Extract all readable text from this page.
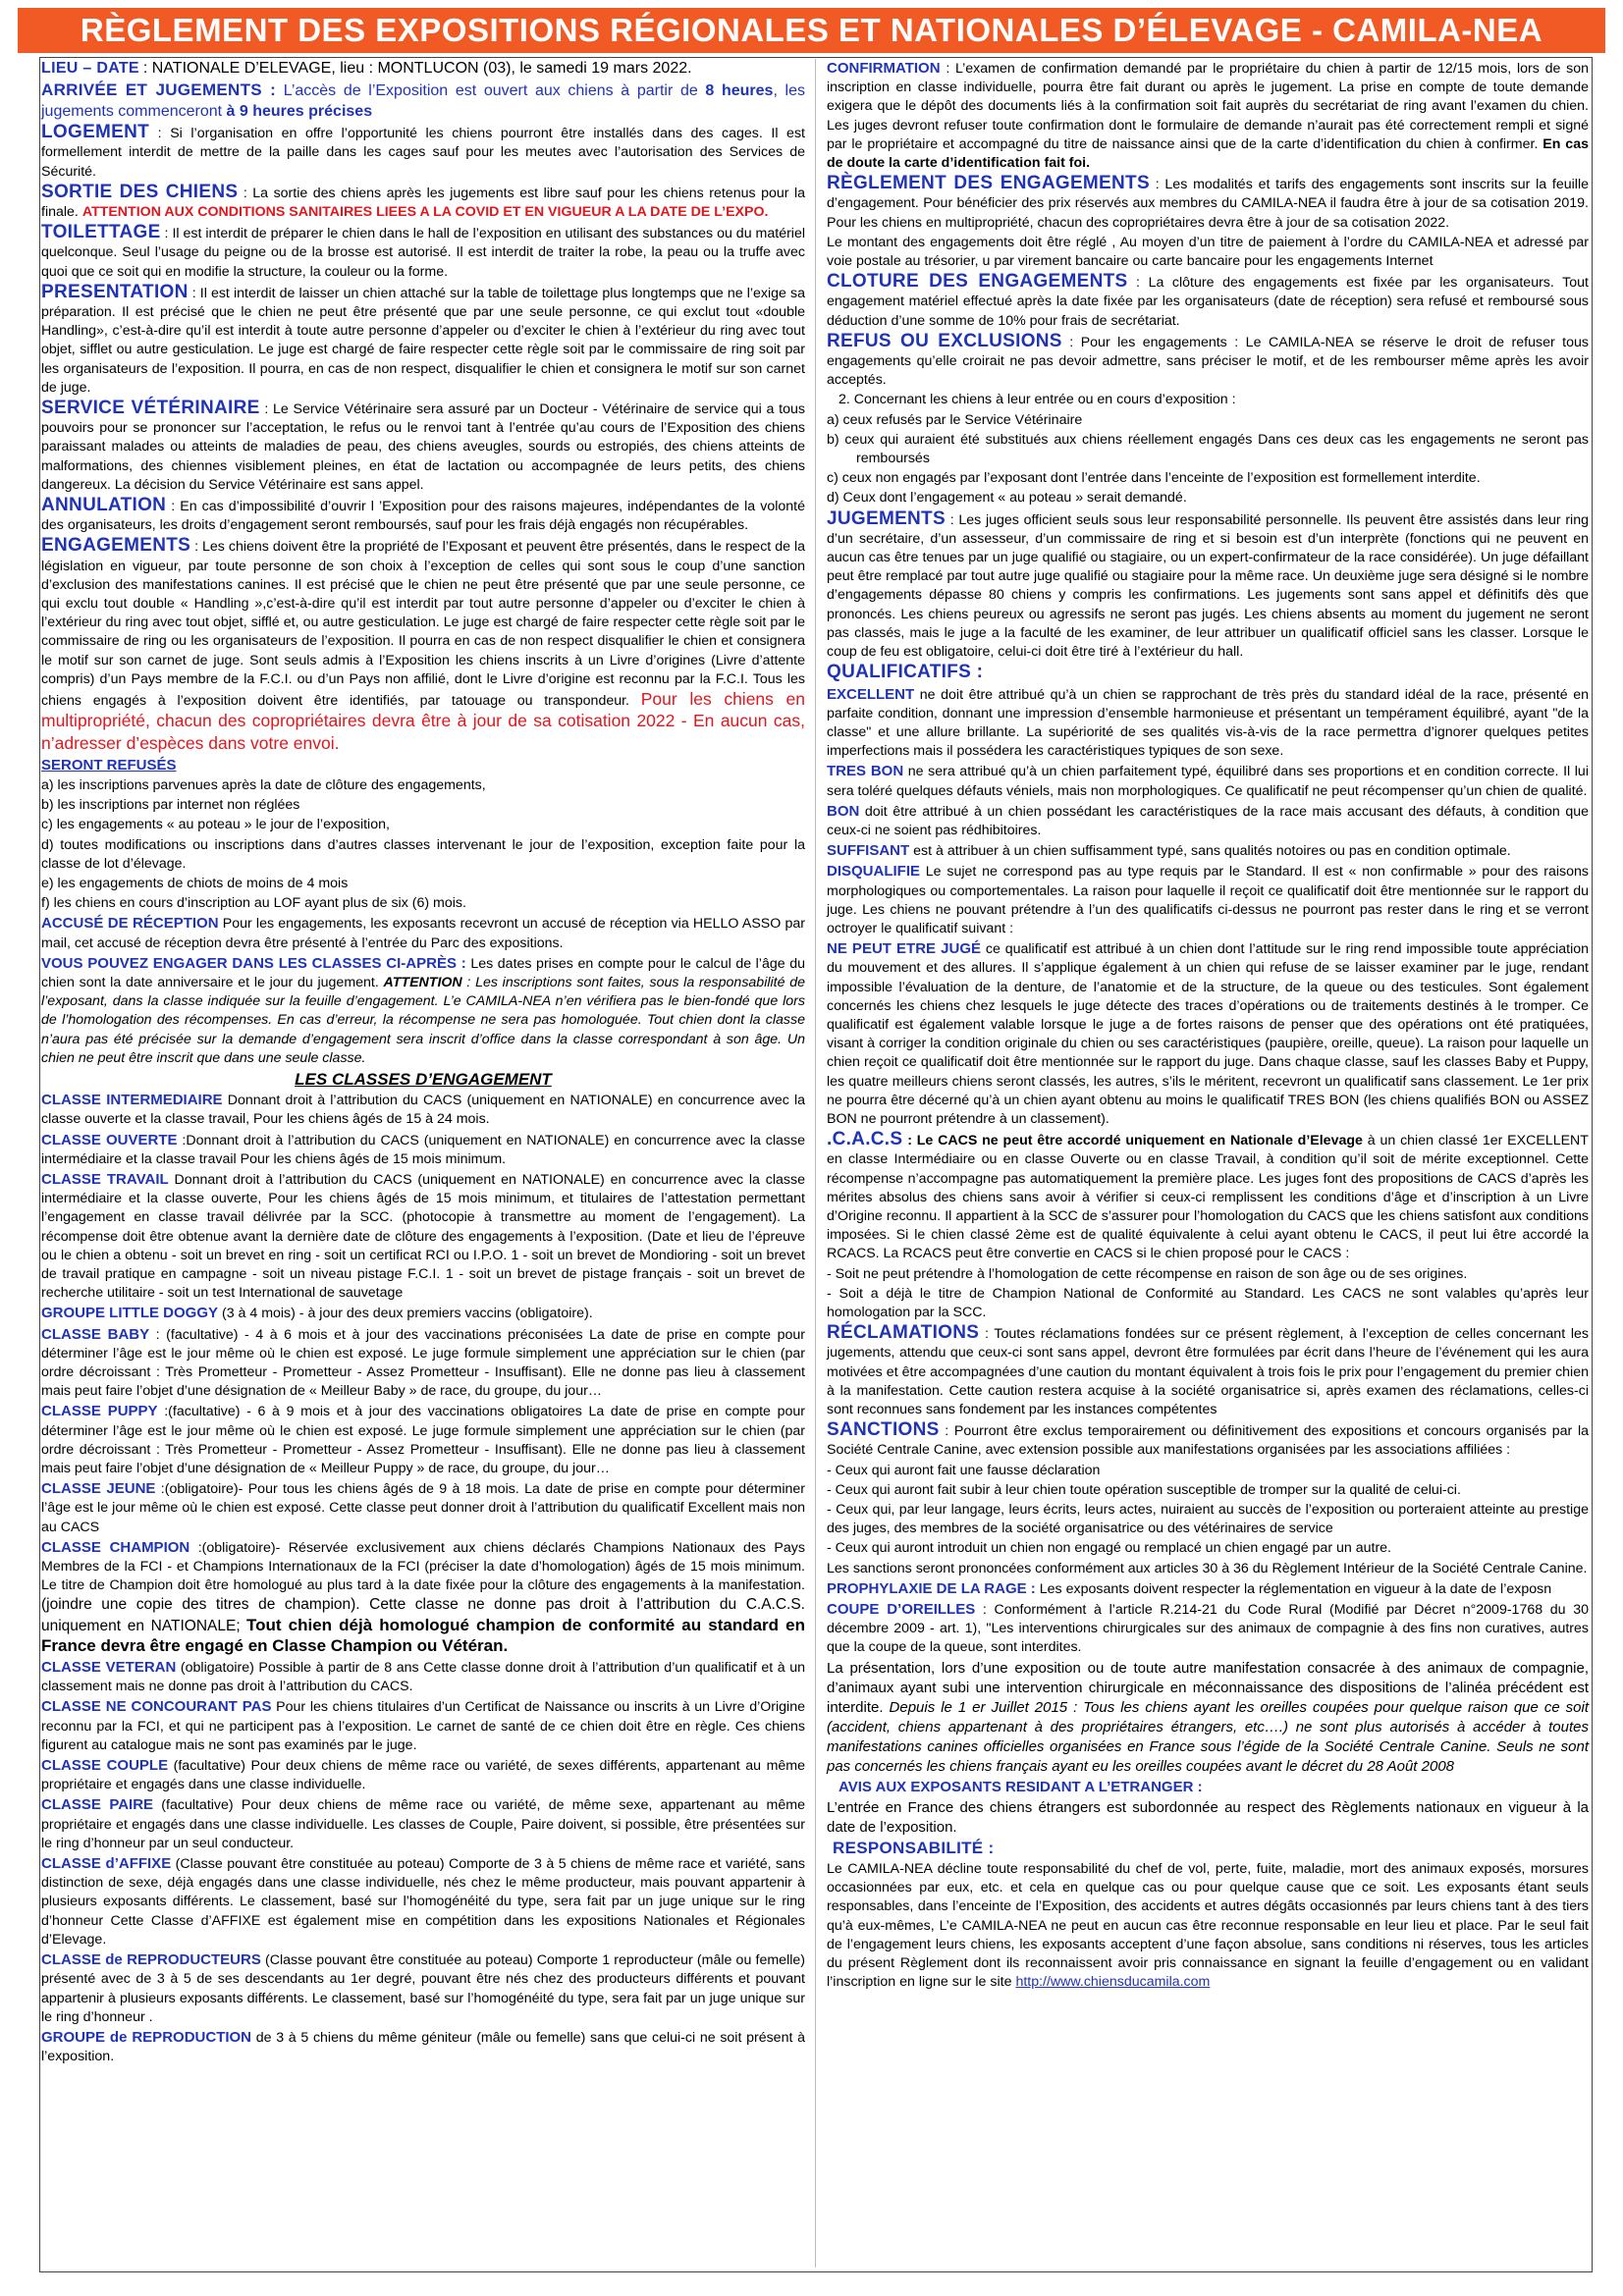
RÈGLEMENT DES EXPOSITIONS RÉGIONALES ET NATIONALES D’ÉLEVAGE - CAMILA-NEA

LIEU – DATE : NATIONALE D’ELEVAGE, lieu : MONTLUCON (03), le samedi 19 mars 2022.

ARRIVÉE ET JUGEMENTS : L’accès de l’Exposition est ouvert aux chiens à partir de 8 heures, les jugements commenceront à 9 heures précises

LOGEMENT : Si l’organisation en offre l’opportunité les chiens pourront être installés dans des cages. Il est formellement interdit de mettre de la paille dans les cages sauf pour les meutes avec l’autorisation des Services de Sécurité.

SORTIE DES CHIENS : La sortie des chiens après les jugements est libre sauf pour les chiens retenus pour la finale. ATTENTION AUX CONDITIONS SANITAIRES LIEES A LA COVID ET EN VIGUEUR A LA DATE DE L’EXPO.

TOILETTAGE : Il est interdit de préparer le chien dans le hall de l’exposition en utilisant des substances ou du matériel quelconque. Seul l’usage du peigne ou de la brosse est autorisé. Il est interdit de traiter la robe, la peau ou la truffe avec quoi que ce soit qui en modifie la structure, la couleur ou la forme.

PRESENTATION : Il est interdit de laisser un chien attaché sur la table de toilettage plus longtemps que ne l’exige sa préparation. Il est précisé que le chien ne peut être présenté que par une seule personne, ce qui exclut tout «double Handling», c’est-à-dire qu’il est interdit à toute autre personne d’appeler ou d’exciter le chien à l’extérieur du ring avec tout objet, sifflet ou autre gesticulation. Le juge est chargé de faire respecter cette règle soit par le commissaire de ring soit par les organisateurs de l’exposition. Il pourra, en cas de non respect, disqualifier le chien et consignera le motif sur son carnet de juge.

SERVICE VÉTÉRINAIRE : Le Service Vétérinaire sera assuré par un Docteur - Vétérinaire de service qui a tous pouvoirs pour se prononcer sur l’acceptation, le refus ou le renvoi tant à l’entrée qu’au cours de l’Exposition des chiens paraissant malades ou atteints de maladies de peau, des chiens aveugles, sourds ou estropiés, des chiens atteints de malformations, des chiennes visiblement pleines, en état de lactation ou accompagnée de leurs petits, des chiens dangereux. La décision du Service Vétérinaire est sans appel.

ANNULATION : En cas d’impossibilité d’ouvrir l ’Exposition pour des raisons majeures, indépendantes de la volonté des organisateurs, les droits d’engagement seront remboursés, sauf pour les frais déjà engagés non récupérables.

ENGAGEMENTS : Les chiens doivent être la propriété de l’Exposant et peuvent être présentés, dans le respect de la législation en vigueur, par toute personne de son choix à l’exception de celles qui sont sous le coup d’une sanction d’exclusion des manifestations canines. Il est précisé que le chien ne peut être présenté que par une seule personne, ce qui exclu tout double « Handling »,c’est-à-dire qu’il est interdit par tout autre personne d’appeler ou d’exciter le chien à l’extérieur du ring avec tout objet, sifflé et, ou autre gesticulation. Le juge est chargé de faire respecter cette règle soit par le commissaire de ring ou les organisateurs de l’exposition. Il pourra en cas de non respect disqualifier le chien et consignera le motif sur son carnet de juge. Sont seuls admis à l’Exposition les chiens inscrits à un Livre d’origines (Livre d’attente compris) d’un Pays membre de la F.C.I. ou d’un Pays non affilié, dont le Livre d’origine est reconnu par la F.C.I. Tous les chiens engagés à l’exposition doivent être identifiés, par tatouage ou transpondeur. Pour les chiens en multipropriété, chacun des copropriétaires devra être à jour de sa cotisation 2022 - En aucun cas, n’adresser d’espèces dans votre envoi.

SERONT REFUSÉS

a) les inscriptions parvenues après la date de clôture des engagements,

b) les inscriptions par internet non réglées

c) les engagements « au poteau » le jour de l’exposition,

d) toutes modifications ou inscriptions dans d’autres classes intervenant le jour de l’exposition, exception faite pour la classe de lot d’élevage.

e) les engagements de chiots de moins de 4 mois

f) les chiens en cours d’inscription au LOF ayant plus de six (6) mois.

ACCUSÉ DE RÉCEPTION Pour les engagements, les exposants recevront un accusé de réception via HELLO ASSO par mail, cet accusé de réception devra être présenté à l’entrée du Parc des expositions.

VOUS POUVEZ ENGAGER DANS LES CLASSES CI-APRÈS : Les dates prises en compte pour le calcul de l’âge du chien sont la date anniversaire et le jour du jugement. ATTENTION : Les inscriptions sont faites, sous la responsabilité de l’exposant, dans la classe indiquée sur la feuille d’engagement. L’e CAMILA-NEA n’en vérifiera pas le bien-fondé que lors de l’homologation des récompenses. En cas d’erreur, la récompense ne sera pas homologuée. Tout chien dont la classe n’aura pas été précisée sur la demande d’engagement sera inscrit d’office dans la classe correspondant à son âge. Un chien ne peut être inscrit que dans une seule classe.

LES CLASSES D’ENGAGEMENT

CLASSE INTERMEDIAIRE Donnant droit à l’attribution du CACS (uniquement en NATIONALE) en concurrence avec la classe ouverte et la classe travail, Pour les chiens âgés de 15 à 24 mois.

CLASSE OUVERTE :Donnant droit à l’attribution du CACS (uniquement en NATIONALE) en concurrence avec la classe intermédiaire et la classe travail Pour les chiens âgés de 15 mois minimum.

CLASSE TRAVAIL Donnant droit à l’attribution du CACS (uniquement en NATIONALE) en concurrence avec la classe intermédiaire et la classe ouverte, Pour les chiens âgés de 15 mois minimum, et titulaires de l’attestation permettant l’engagement en classe travail délivrée par la SCC. (photocopie à transmettre au moment de l’engagement). La récompense doit être obtenue avant la dernière date de clôture des engagements à l’exposition. (Date et lieu de l’épreuve ou le chien a obtenu - soit un brevet en ring - soit un certificat RCI ou I.P.O. 1 - soit un brevet de Mondioring - soit un brevet de travail pratique en campagne - soit un niveau pistage F.C.I. 1 - soit un brevet de pistage français - soit un brevet de recherche utilitaire - soit un test International de sauvetage

GROUPE LITTLE DOGGY (3 à 4 mois) - à jour des deux premiers vaccins (obligatoire).

CLASSE BABY : (facultative) - 4 à 6 mois et à jour des vaccinations préconisées La date de prise en compte pour déterminer l’âge est le jour même où le chien est exposé. Le juge formule simplement une appréciation sur le chien (par ordre décroissant : Très Prometteur - Prometteur - Assez Prometteur - Insuffisant). Elle ne donne pas lieu à classement mais peut faire l’objet d’une désignation de « Meilleur Baby » de race, du groupe, du jour…

CLASSE PUPPY :(facultative) - 6 à 9 mois et à jour des vaccinations obligatoires La date de prise en compte pour déterminer l’âge est le jour même où le chien est exposé. Le juge formule simplement une appréciation sur le chien (par ordre décroissant : Très Prometteur - Prometteur - Assez Prometteur - Insuffisant). Elle ne donne pas lieu à classement mais peut faire l’objet d’une désignation de « Meilleur Puppy » de race, du groupe, du jour…

CLASSE JEUNE :(obligatoire)- Pour tous les chiens âgés de 9 à 18 mois. La date de prise en compte pour déterminer l’âge est le jour même où le chien est exposé. Cette classe peut donner droit à l’attribution du qualificatif Excellent mais non au CACS

CLASSE CHAMPION :(obligatoire)- Réservée exclusivement aux chiens déclarés Champions Nationaux des Pays Membres de la FCI - et Champions Internationaux de la FCI (préciser la date d’homologation) âgés de 15 mois minimum. Le titre de Champion doit être homologué au plus tard à la date fixée pour la clôture des engagements à la manifestation. (joindre une copie des titres de champion). Cette classe ne donne pas droit à l’attribution du C.A.C.S. uniquement en NATIONALE; Tout chien déjà homologué champion de conformité au standard en France devra être engagé en Classe Champion ou Vétéran.

CLASSE VETERAN (obligatoire) Possible à partir de 8 ans Cette classe donne droit à l’attribution d’un qualificatif et à un classement mais ne donne pas droit à l’attribution du CACS.

CLASSE NE CONCOURANT PAS Pour les chiens titulaires d’un Certificat de Naissance ou inscrits à un Livre d’Origine reconnu par la FCI, et qui ne participent pas à l’exposition. Le carnet de santé de ce chien doit être en règle. Ces chiens figurent au catalogue mais ne sont pas examinés par le juge.

CLASSE COUPLE (facultative) Pour deux chiens de même race ou variété, de sexes différents, appartenant au même propriétaire et engagés dans une classe individuelle.

CLASSE PAIRE (facultative) Pour deux chiens de même race ou variété, de même sexe, appartenant au même propriétaire et engagés dans une classe individuelle. Les classes de Couple, Paire doivent, si possible, être présentées sur le ring d’honneur par un seul conducteur.

CLASSE d’AFFIXE (Classe pouvant être constituée au poteau) Comporte de 3 à 5 chiens de même race et variété, sans distinction de sexe, déjà engagés dans une classe individuelle, nés chez le même producteur, mais pouvant appartenir à plusieurs exposants différents. Le classement, basé sur l’homogénéité du type, sera fait par un juge unique sur le ring d’honneur Cette Classe d’AFFIXE est également mise en compétition dans les expositions Nationales et Régionales d’Elevage.

CLASSE de REPRODUCTEURS (Classe pouvant être constituée au poteau) Comporte 1 reproducteur (mâle ou femelle) présenté avec de 3 à 5 de ses descendants au 1er degré, pouvant être nés chez des producteurs différents et pouvant appartenir à plusieurs exposants différents. Le classement, basé sur l’homogénéité du type, sera fait par un juge unique sur le ring d’honneur .

GROUPE de REPRODUCTION de 3 à 5 chiens du même géniteur (mâle ou femelle) sans que celui-ci ne soit présent à l’exposition.

CONFIRMATION : L’examen de confirmation demandé par le propriétaire du chien à partir de 12/15 mois, lors de son inscription en classe individuelle, pourra être fait durant ou après le jugement. La prise en compte de toute demande exigera que le dépôt des documents liés à la confirmation soit fait auprès du secrétariat de ring avant l’examen du chien. Les juges devront refuser toute confirmation dont le formulaire de demande n’aurait pas été correctement rempli et signé par le propriétaire et accompagné du titre de naissance ainsi que de la carte d’identification du chien à confirmer. En cas de doute la carte d’identification fait foi.

RÈGLEMENT DES ENGAGEMENTS : Les modalités et tarifs des engagements sont inscrits sur la feuille d’engagement. Pour bénéficier des prix réservés aux membres du CAMILA-NEA il faudra être à jour de sa cotisation 2019. Pour les chiens en multipropriété, chacun des copropriétaires devra être à jour de sa cotisation 2022.

Le montant des engagements doit être réglé , Au moyen d’un titre de paiement à l’ordre du CAMILA-NEA et adressé par voie postale au trésorier, u par virement bancaire ou carte bancaire pour les engagements Internet

CLOTURE DES ENGAGEMENTS : La clôture des engagements est fixée par les organisateurs. Tout engagement matériel effectué après la date fixée par les organisateurs (date de réception) sera refusé et remboursé sous déduction d’une somme de 10% pour frais de secrétariat.

REFUS OU EXCLUSIONS : Pour les engagements : Le CAMILA-NEA se réserve le droit de refuser tous engagements qu’elle croirait ne pas devoir admettre, sans préciser le motif, et de les rembourser même après les avoir acceptés.

2. Concernant les chiens à leur entrée ou en cours d’exposition :

a) ceux refusés par le Service Vétérinaire

b) ceux qui auraient été substitués aux chiens réellement engagés Dans ces deux cas les engagements ne seront pas remboursés

c) ceux non engagés par l’exposant dont l’entrée dans l’enceinte de l’exposition est formellement interdite.

d) Ceux dont l’engagement « au poteau » serait demandé.

JUGEMENTS : Les juges officient seuls sous leur responsabilité personnelle. Ils peuvent être assistés dans leur ring d’un secrétaire, d’un assesseur, d’un commissaire de ring et si besoin est d’un interprète (fonctions qui ne peuvent en aucun cas être tenues par un juge qualifié ou stagiaire, ou un expert-confirmateur de la race considérée). Un juge défaillant peut être remplacé par tout autre juge qualifié ou stagiaire pour la même race. Un deuxième juge sera désigné si le nombre d’engagements dépasse 80 chiens y compris les confirmations. Les jugements sont sans appel et définitifs dès que prononcés. Les chiens peureux ou agressifs ne seront pas jugés. Les chiens absents au moment du jugement ne seront pas classés, mais le juge a la faculté de les examiner, de leur attribuer un qualificatif officiel sans les classer. Lorsque le coup de feu est obligatoire, celui-ci doit être tiré à l’extérieur du hall.

QUALIFICATIFS :

EXCELLENT ne doit être attribué qu’à un chien se rapprochant de très près du standard idéal de la race, présenté en parfaite condition, donnant une impression d’ensemble harmonieuse et présentant un tempérament équilibré, ayant "de la classe" et une allure brillante. La supériorité de ses qualités vis-à-vis de la race permettra d’ignorer quelques petites imperfections mais il possédera les caractéristiques typiques de son sexe.

TRES BON ne sera attribué qu’à un chien parfaitement typé, équilibré dans ses proportions et en condition correcte. Il lui sera toléré quelques défauts véniels, mais non morphologiques. Ce qualificatif ne peut récompenser qu’un chien de qualité.

BON doit être attribué à un chien possédant les caractéristiques de la race mais accusant des défauts, à condition que ceux-ci ne soient pas rédhibitoires.

SUFFISANT est à attribuer à un chien suffisamment typé, sans qualités notoires ou pas en condition optimale.

DISQUALIFIE Le sujet ne correspond pas au type requis par le Standard. Il est « non confirmable » pour des raisons morphologiques ou comportementales. La raison pour laquelle il reçoit ce qualificatif doit être mentionnée sur le rapport du juge. Les chiens ne pouvant prétendre à l’un des qualificatifs ci-dessus ne pourront pas rester dans le ring et se verront octroyer le qualificatif suivant :

NE PEUT ETRE JUGÉ ce qualificatif est attribué à un chien dont l’attitude sur le ring rend impossible toute appréciation du mouvement et des allures. Il s’applique également à un chien qui refuse de se laisser examiner par le juge, rendant impossible l’évaluation de la denture, de l’anatomie et de la structure, de la queue ou des testicules. Sont également concernés les chiens chez lesquels le juge détecte des traces d’opérations ou de traitements destinés à le tromper. Ce qualificatif est également valable lorsque le juge a de fortes raisons de penser que des opérations ont été pratiquées, visant à corriger la condition originale du chien ou ses caractéristiques (paupière, oreille, queue). La raison pour laquelle un chien reçoit ce qualificatif doit être mentionnée sur le rapport du juge. Dans chaque classe, sauf les classes Baby et Puppy, les quatre meilleurs chiens seront classés, les autres, s’ils le méritent, recevront un qualificatif sans classement. Le 1er prix ne pourra être décerné qu’à un chien ayant obtenu au moins le qualificatif TRES BON (les chiens qualifiés BON ou ASSEZ BON ne pourront prétendre à un classement).

.C.A.C.S : Le CACS ne peut être accordé uniquement en Nationale d’Elevage à un chien classé 1er EXCELLENT en classe Intermédiaire ou en classe Ouverte ou en classe Travail, à condition qu’il soit de mérite exceptionnel. Cette récompense n’accompagne pas automatiquement la première place. Les juges font des propositions de CACS d’après les mérites absolus des chiens sans avoir à vérifier si ceux-ci remplissent les conditions d’âge et d’inscription à un Livre d’Origine reconnu. Il appartient à la SCC de s’assurer pour l’homologation du CACS que les chiens satisfont aux conditions imposées. Si le chien classé 2ème est de qualité équivalente à celui ayant obtenu le CACS, il peut lui être accordé la RCACS. La RCACS peut être convertie en CACS si le chien proposé pour le CACS :

- Soit ne peut prétendre à l’homologation de cette récompense en raison de son âge ou de ses origines.

- Soit a déjà le titre de Champion National de Conformité au Standard. Les CACS ne sont valables qu’après leur homologation par la SCC.

RÉCLAMATIONS : Toutes réclamations fondées sur ce présent règlement, à l’exception de celles concernant les jugements, attendu que ceux-ci sont sans appel, devront être formulées par écrit dans l’heure de l’événement qui les aura motivées et être accompagnées d’une caution du montant équivalent à trois fois le prix pour l’engagement du premier chien à la manifestation. Cette caution restera acquise à la société organisatrice si, après examen des réclamations, celles-ci sont reconnues sans fondement par les instances compétentes

SANCTIONS : Pourront être exclus temporairement ou définitivement des expositions et concours organisés par la Société Centrale Canine, avec extension possible aux manifestations organisées par les associations affiliées :

- Ceux qui auront fait une fausse déclaration

- Ceux qui auront fait subir à leur chien toute opération susceptible de tromper sur la qualité de celui-ci.

- Ceux qui, par leur langage, leurs écrits, leurs actes, nuiraient au succès de l’exposition ou porteraient atteinte au prestige des juges, des membres de la société organisatrice ou des vétérinaires de service

- Ceux qui auront introduit un chien non engagé ou remplacé un chien engagé par un autre.

Les sanctions seront prononcées conformément aux articles 30 à 36 du Règlement Intérieur de la Société Centrale Canine.

PROPHYLAXIE DE LA RAGE : Les exposants doivent respecter la réglementation en vigueur à la date de l’exposn

COUPE D’OREILLES : Conformément à l’article R.214-21 du Code Rural (Modifié par Décret n°2009-1768 du 30 décembre 2009 - art. 1), "Les interventions chirurgicales sur des animaux de compagnie à des fins non curatives, autres que la coupe de la queue, sont interdites.

La présentation, lors d’une exposition ou de toute autre manifestation consacrée à des animaux de compagnie, d’animaux ayant subi une intervention chirurgicale en méconnaissance des dispositions de l’alinéa précédent est interdite. Depuis le 1 er Juillet 2015 : Tous les chiens ayant les oreilles coupées pour quelque raison que ce soit (accident, chiens appartenant à des propriétaires étrangers, etc….) ne sont plus autorisés à accéder à toutes manifestations canines officielles organisées en France sous l’égide de la Société Centrale Canine. Seuls ne sont pas concernés les chiens français ayant eu les oreilles coupées avant le décret du 28 Août 2008

AVIS AUX EXPOSANTS RESIDANT A L’ETRANGER :

L’entrée en France des chiens étrangers est subordonnée au respect des Règlements nationaux en vigueur à la date de l’exposition.

RESPONSABILITÉ :

Le CAMILA-NEA décline toute responsabilité du chef de vol, perte, fuite, maladie, mort des animaux exposés, morsures occasionnées par eux, etc. et cela en quelque cas ou pour quelque cause que ce soit. Les exposants étant seuls responsables, dans l’enceinte de l’Exposition, des accidents et autres dégâts occasionnés par leurs chiens tant à des tiers qu’à eux-mêmes, L’e CAMILA-NEA ne peut en aucun cas être reconnue responsable en leur lieu et place. Par le seul fait de l’engagement leurs chiens, les exposants acceptent d’une façon absolue, sans conditions ni réserves, tous les articles du présent Règlement dont ils reconnaissent avoir pris connaissance en signant la feuille d’engagement ou en validant l’inscription en ligne sur le site http://www.chiensducamila.com
